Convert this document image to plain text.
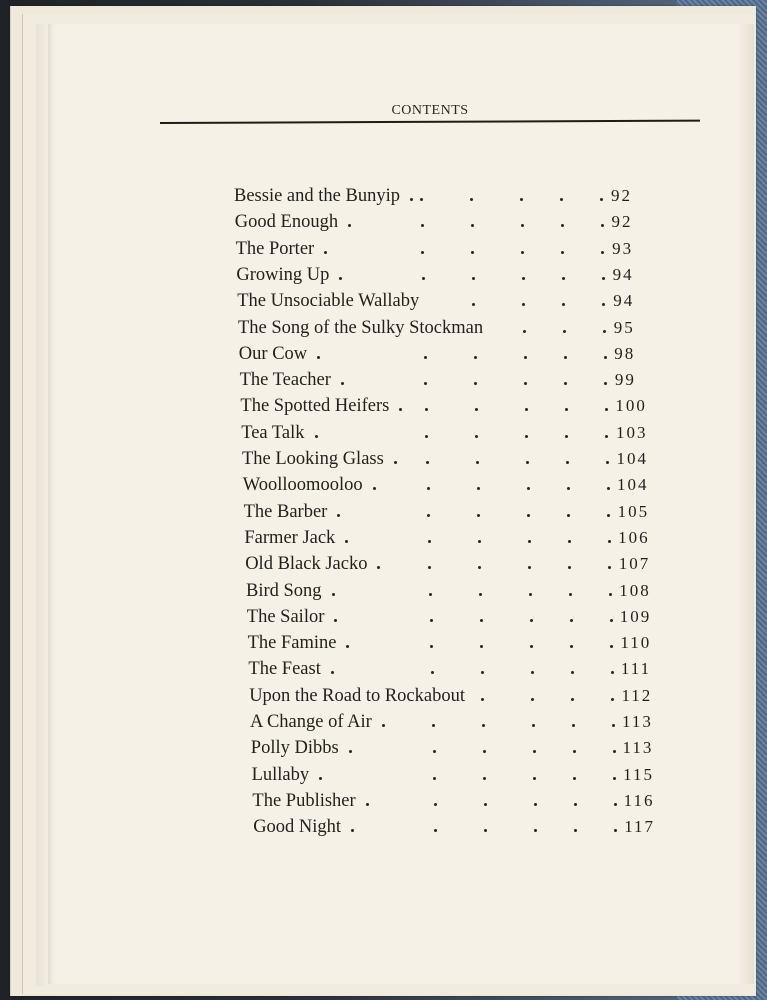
CONTENTS
Bessie and the Bunyip	92
Good Enough	92
The Porter	93
Growing Up	94
The Unsociable Wallaby	94
The Song of the Sulky Stockman	95
Our Cow	98
The Teacher	99
The Spotted Heifers	100
Tea Talk	103
The Looking Glass	104
Woolloomooloo	104
The Barber	105
Farmer Jack	106
Old Black Jacko	107
Bird Song	108
The Sailor	109
The Famine	110
The Feast	111
Upon the Road to Rockabout	112
A Change of Air	113
Polly Dibbs	113
Lullaby	115
The Publisher	116
Good Night	117
